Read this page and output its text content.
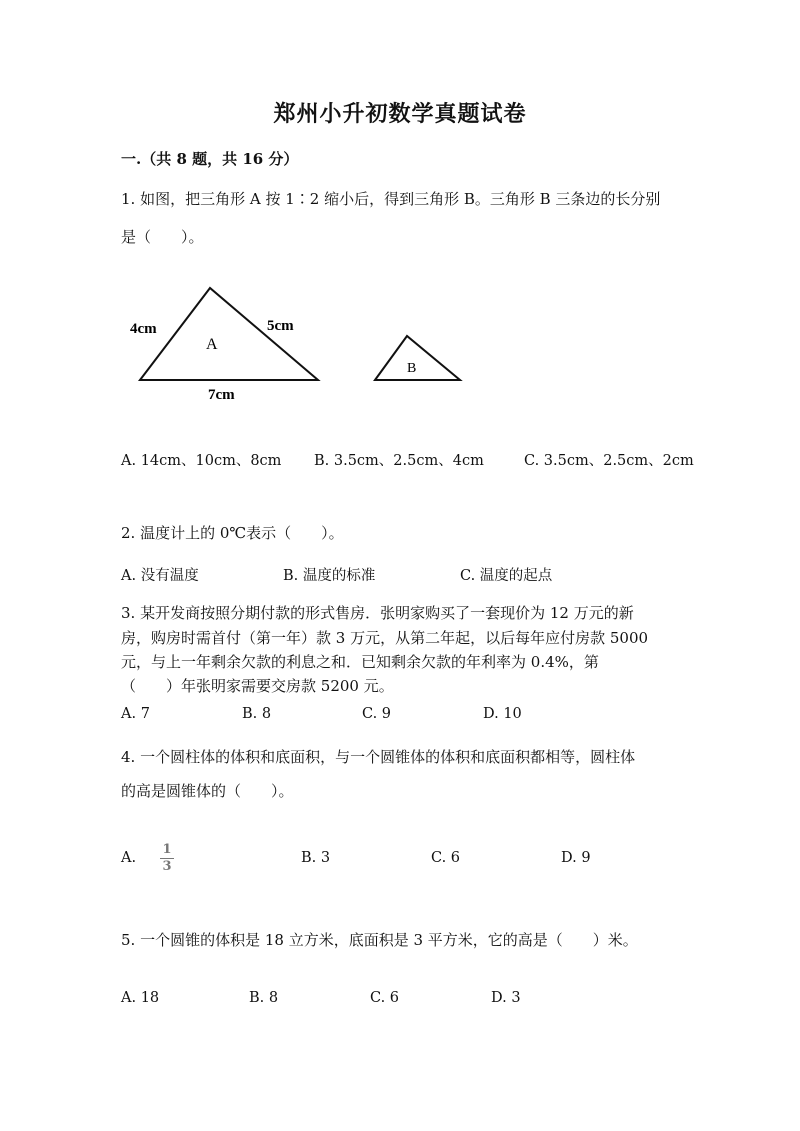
郑州小升初数学真题试卷
一.（共 8 题，共 16 分）
1. 如图，把三角形 A 按 1∶2 缩小后，得到三角形 B。三角形 B 三条边的长分别
是（　　）。
4cm	5cm
7cm
A
B
A. 14cm、10cm、8cm B. 3.5cm、2.5cm、4cm	C. 3.5cm、2.5cm、2cm
2. 温度计上的 0℃表示（　　）。
A. 没有温度	B. 温度的标准	C. 温度的起点
3. 某开发商按照分期付款的形式售房．张明家购买了一套现价为 12 万元的新
房，购房时需首付（第一年）款 3 万元，从第二年起，以后每年应付房款 5000
元，与上一年剩余欠款的利息之和．已知剩余欠款的年利率为 0.4%，第
（　　）年张明家需要交房款 5200 元。
A. 7	B. 8	C. 9	D. 10
4. 一个圆柱体的体积和底面积，与一个圆锥体的体积和底面积都相等，圆柱体
的高是圆锥体的（　　）。
A.
1
3
B. 3	C. 6	D. 9
5. 一个圆锥的体积是 18 立方米，底面积是 3 平方米，它的高是（　　）米。
A. 18	B. 8	C. 6	D. 3
